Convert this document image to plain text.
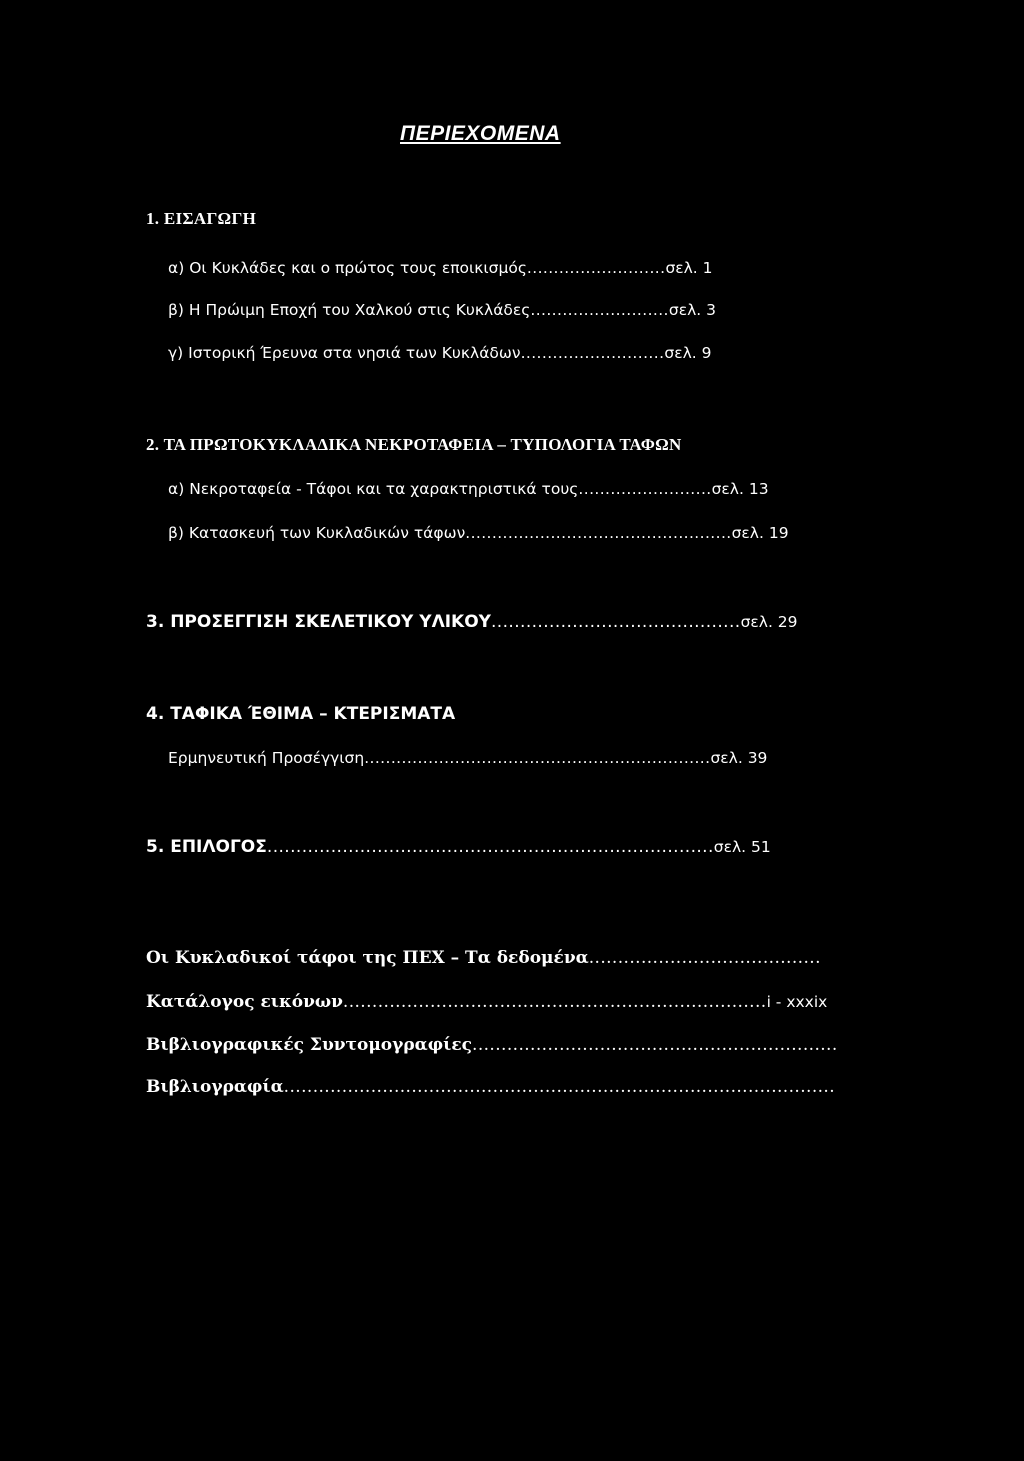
ΠΕΡΙΕΧΟΜΕΝΑ
1. ΕΙΣΑΓΩΓΗ
α) Οι Κυκλάδες και ο πρώτος τους εποικισμός..........................σελ. 1
β) Η Πρώιμη Εποχή του Χαλκού στις Κυκλάδες..........................σελ. 3
γ) Ιστορική Έρευνα στα νησιά των Κυκλάδων...........................σελ. 9
2. ΤΑ ΠΡΩΤΟΚΥΚΛΑΔΙΚΑ ΝΕΚΡΟΤΑΦΕΙΑ – ΤΥΠΟΛΟΓΙΑ ΤΑΦΩΝ
α) Νεκροταφεία - Τάφοι και τα χαρακτηριστικά τους.........................σελ. 13
β) Κατασκευή των Κυκλαδικών τάφων..................................................σελ. 19
3. ΠΡΟΣΕΓΓΙΣΗ ΣΚΕΛΕΤΙΚΟΥ ΥΛΙΚΟΥ...........................................σελ. 29
4. ΤΑΦΙΚΑ ΈΘΙΜΑ – ΚΤΕΡΙΣΜΑΤΑ
Ερμηνευτική Προσέγγιση.................................................................σελ. 39
5. ΕΠΙΛΟΓΟΣ.............................................................................σελ. 51
Οι Κυκλαδικοί τάφοι της ΠΕΧ – Τα δεδομένα........................................
Κατάλογος εικόνων.........................................................................i - xxxix
Βιβλιογραφικές Συντομογραφίες...............................................................
Βιβλιογραφία...............................................................................................
